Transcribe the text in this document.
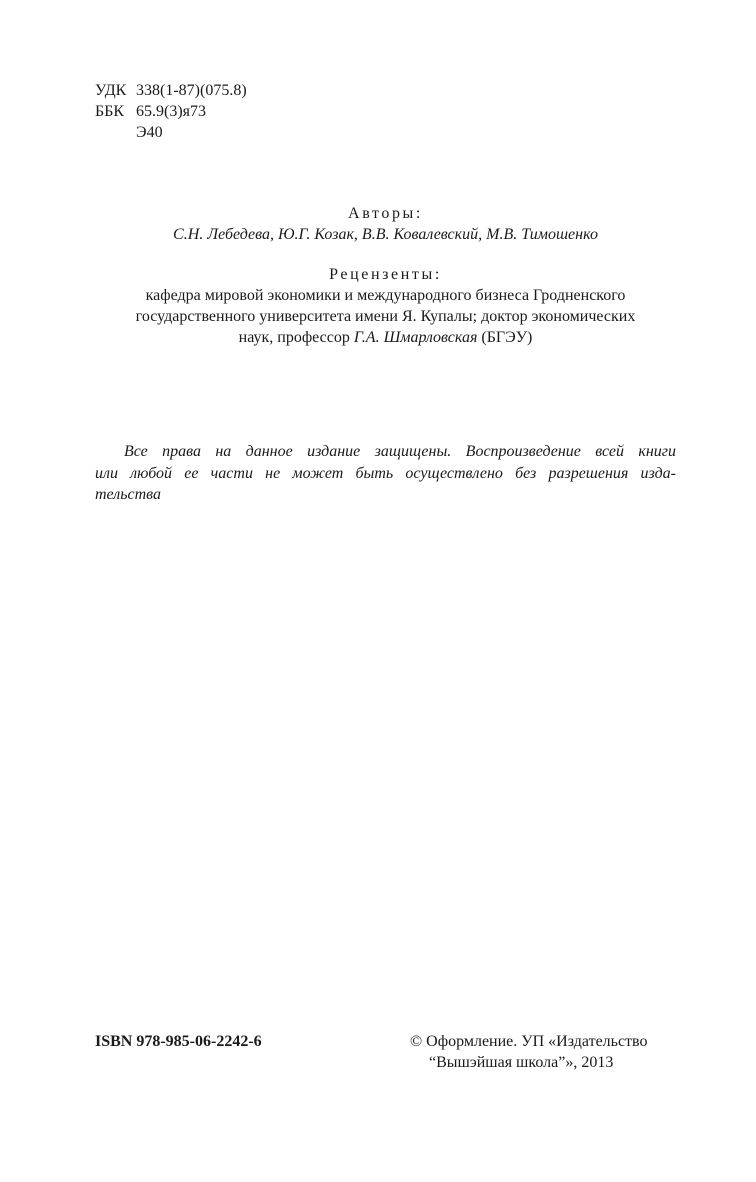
УДК 338(1-87)(075.8)
ББК 65.9(3)я73
Э40
Авторы:
С.Н. Лебедева, Ю.Г. Козак, В.В. Ковалевский, М.В. Тимошенко
Рецензенты:
кафедра мировой экономики и международного бизнеса Гродненского
государственного университета имени Я. Купалы; доктор экономических
наук, профессор Г.А. Шмарловская (БГЭУ)
Все права на данное издание защищены. Воспроизведение всей книги
или любой ее части не может быть осуществлено без разрешения изда-
тельства
ISBN 978-985-06-2242-6	© Оформление. УП «Издательство
“Вышэйшая школа”», 2013
